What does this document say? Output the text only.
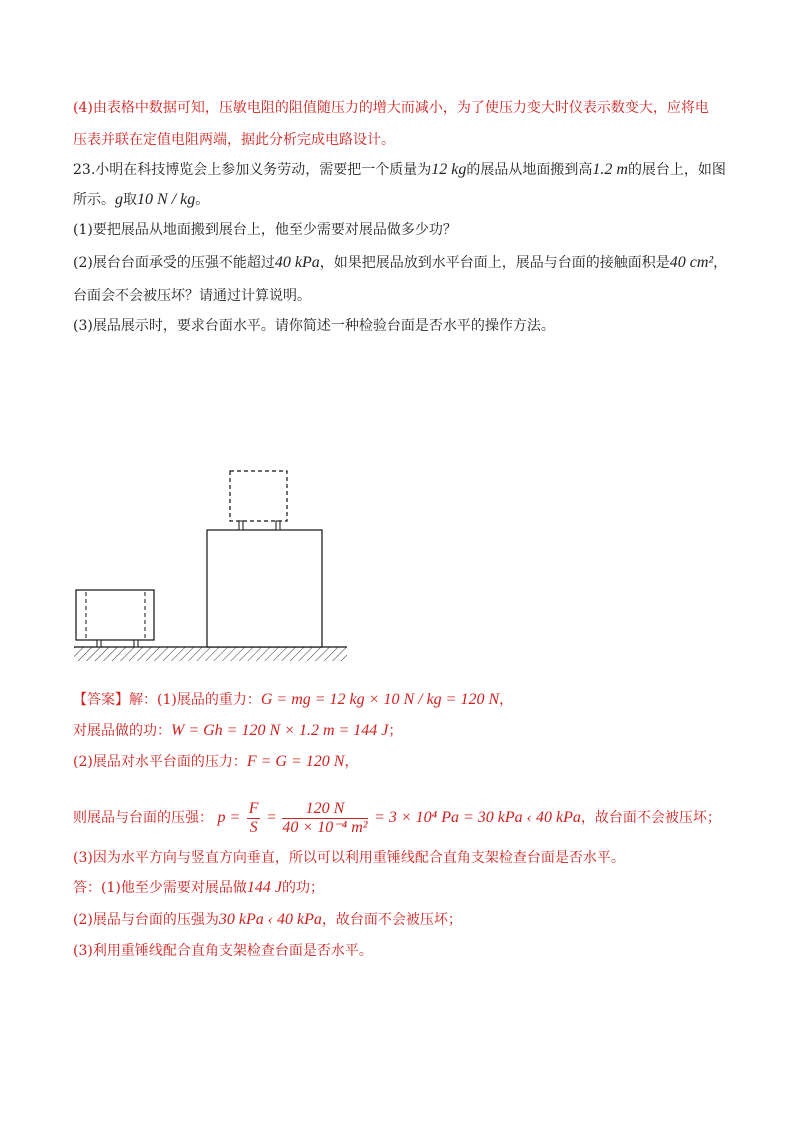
(4)由表格中数据可知，压敏电阻的阻值随压力的增大而减小，为了使压力变大时仪表示数变大，应将电
压表并联在定值电阻两端，据此分析完成电路设计。
23.小明在科技博览会上参加义务劳动，需要把一个质量为12 kg的展品从地面搬到高1.2 m的展台上，如图
所示。g取10 N / kg。
(1)要把展品从地面搬到展台上，他至少需要对展品做多少功？
(2)展台台面承受的压强不能超过40 kPa，如果把展品放到水平台面上，展品与台面的接触面积是40 cm²，
台面会不会被压坏？请通过计算说明。
(3)展品展示时，要求台面水平。请你简述一种检验台面是否水平的操作方法。
【答案】解：(1)展品的重力：G = mg = 12 kg × 10 N / kg = 120 N，
对展品做的功：W = Gh = 120 N × 1.2 m = 144 J；
(2)展品对水平台面的压力：F = G = 120 N，
则展品与台面的压强： $p = \frac{F}{S} = \frac{120 N}{\text{40 × 10⁻⁴ m²}} = 3 \times 10^4$ Pa = 30 kPa ‹ 40 kPa，故台面不会被压坏；
(3)因为水平方向与竖直方向垂直，所以可以利用重锤线配合直角支架检查台面是否水平。
答：(1)他至少需要对展品做144 J的功；
(2)展品与台面的压强为30 kPa ‹ 40 kPa，故台面不会被压坏；
(3)利用重锤线配合直角支架检查台面是否水平。
